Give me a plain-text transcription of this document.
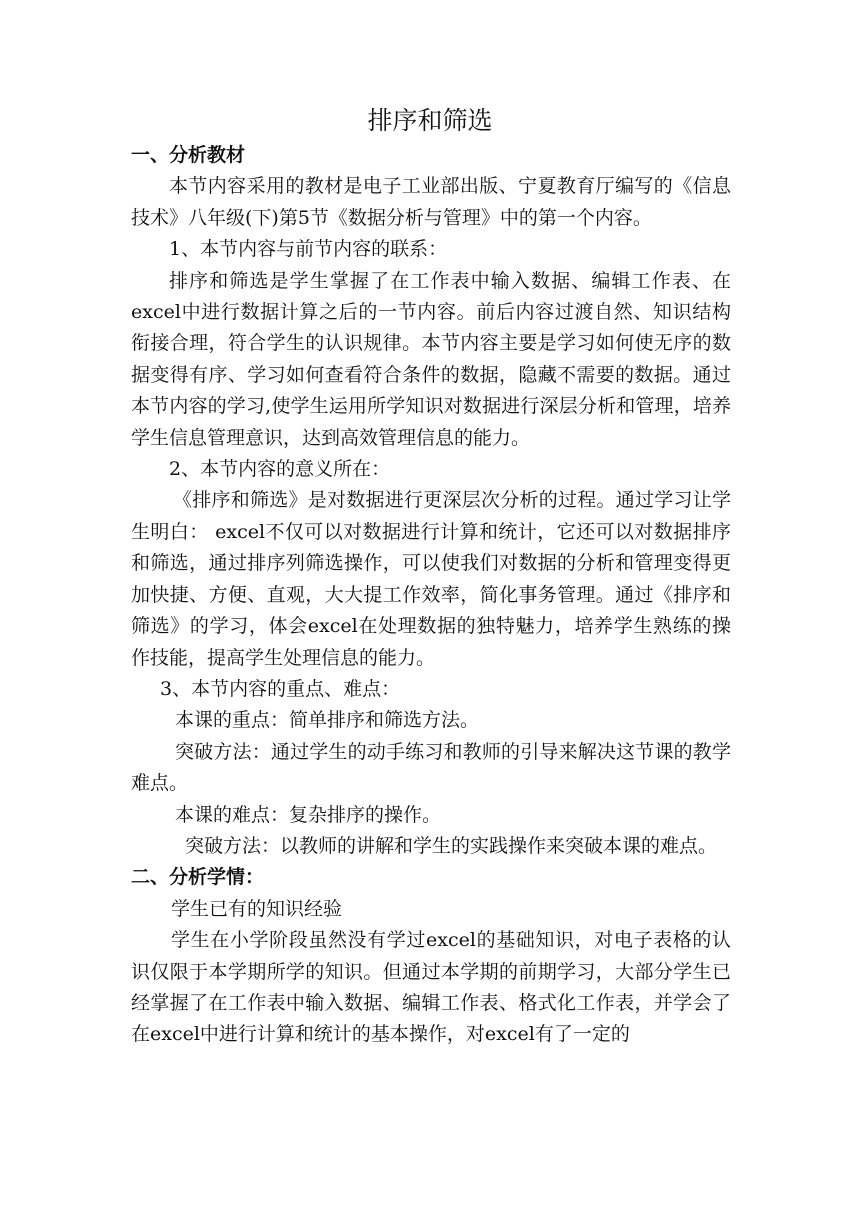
排序和筛选

一、分析教材

本节内容采用的教材是电子工业部出版、宁夏教育厅编写的《信息技术》八年级(下)第5节《数据分析与管理》中的第一个内容。

1、本节内容与前节内容的联系：

排序和筛选是学生掌握了在工作表中输入数据、编辑工作表、在excel中进行数据计算之后的一节内容。前后内容过渡自然、知识结构衔接合理，符合学生的认识规律。本节内容主要是学习如何使无序的数据变得有序、学习如何查看符合条件的数据，隐藏不需要的数据。通过本节内容的学习,使学生运用所学知识对数据进行深层分析和管理，培养学生信息管理意识，达到高效管理信息的能力。

2、本节内容的意义所在：

《排序和筛选》是对数据进行更深层次分析的过程。通过学习让学生明白： excel不仅可以对数据进行计算和统计，它还可以对数据排序和筛选，通过排序列筛选操作，可以使我们对数据的分析和管理变得更加快捷、方便、直观，大大提工作效率，简化事务管理。通过《排序和筛选》的学习，体会excel在处理数据的独特魅力，培养学生熟练的操作技能，提高学生处理信息的能力。

3、本节内容的重点、难点：

本课的重点：简单排序和筛选方法。

突破方法：通过学生的动手练习和教师的引导来解决这节课的教学难点。

本课的难点：复杂排序的操作。

突破方法：以教师的讲解和学生的实践操作来突破本课的难点。

二、分析学情：

学生已有的知识经验

学生在小学阶段虽然没有学过excel的基础知识，对电子表格的认识仅限于本学期所学的知识。但通过本学期的前期学习，大部分学生已经掌握了在工作表中输入数据、编辑工作表、格式化工作表，并学会了在excel中进行计算和统计的基本操作，对excel有了一定的
